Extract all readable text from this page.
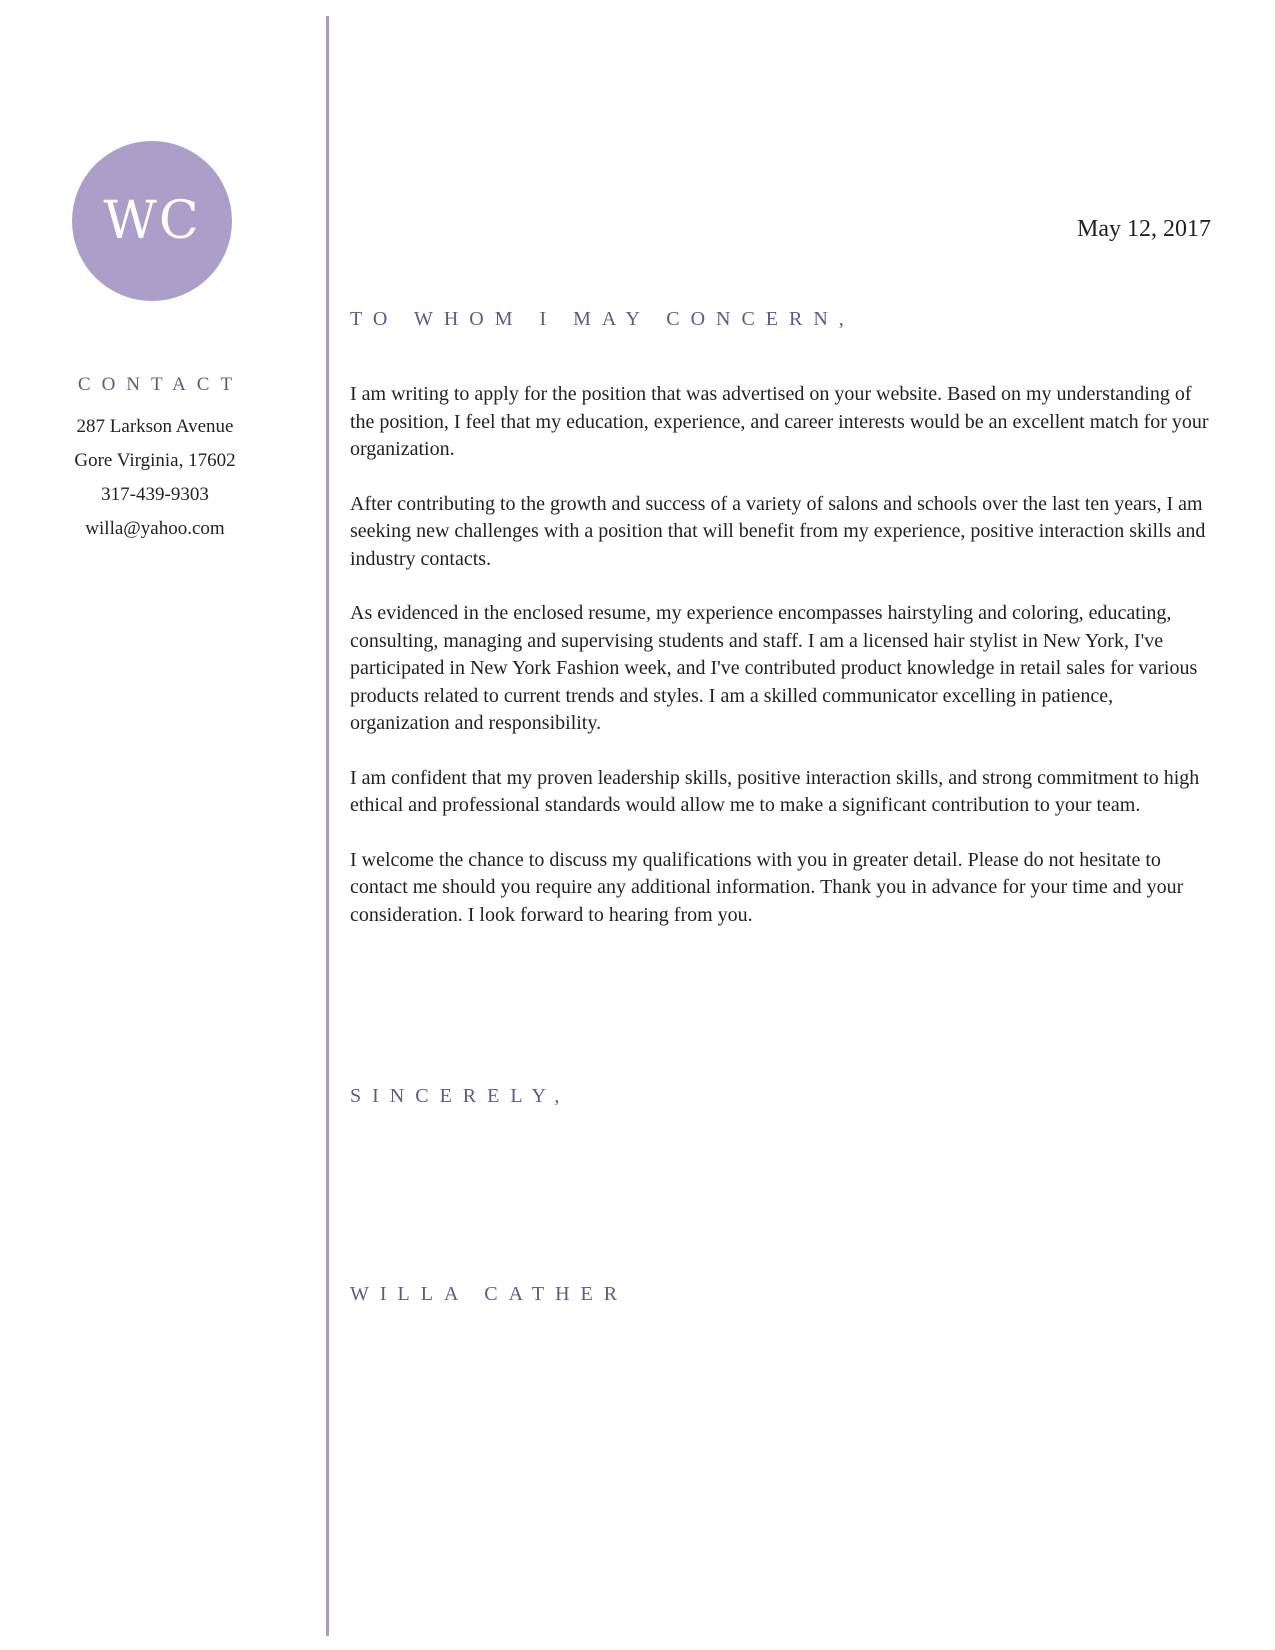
WC
CONTACT
287 Larkson Avenue
Gore Virginia, 17602
317-439-9303
willa@yahoo.com
May 12, 2017
TO WHOM I MAY CONCERN,

I am writing to apply for the position that was advertised on your website. Based on my understanding of the position, I feel that my education, experience, and career interests would be an excellent match for your organization.

After contributing to the growth and success of a variety of salons and schools over the last ten years, I am seeking new challenges with a position that will benefit from my experience, positive interaction skills and industry contacts.

As evidenced in the enclosed resume, my experience encompasses hairstyling and coloring, educating, consulting, managing and supervising students and staff. I am a licensed hair stylist in New York, I've participated in New York Fashion week, and I've contributed product knowledge in retail sales for various products related to current trends and styles. I am a skilled communicator excelling in patience, organization and responsibility.

I am confident that my proven leadership skills, positive interaction skills, and strong commitment to high ethical and professional standards would allow me to make a significant contribution to your team.

I welcome the chance to discuss my qualifications with you in greater detail. Please do not hesitate to contact me should you require any additional information. Thank you in advance for your time and your consideration. I look forward to hearing from you.

SINCERELY,
WILLA CATHER
